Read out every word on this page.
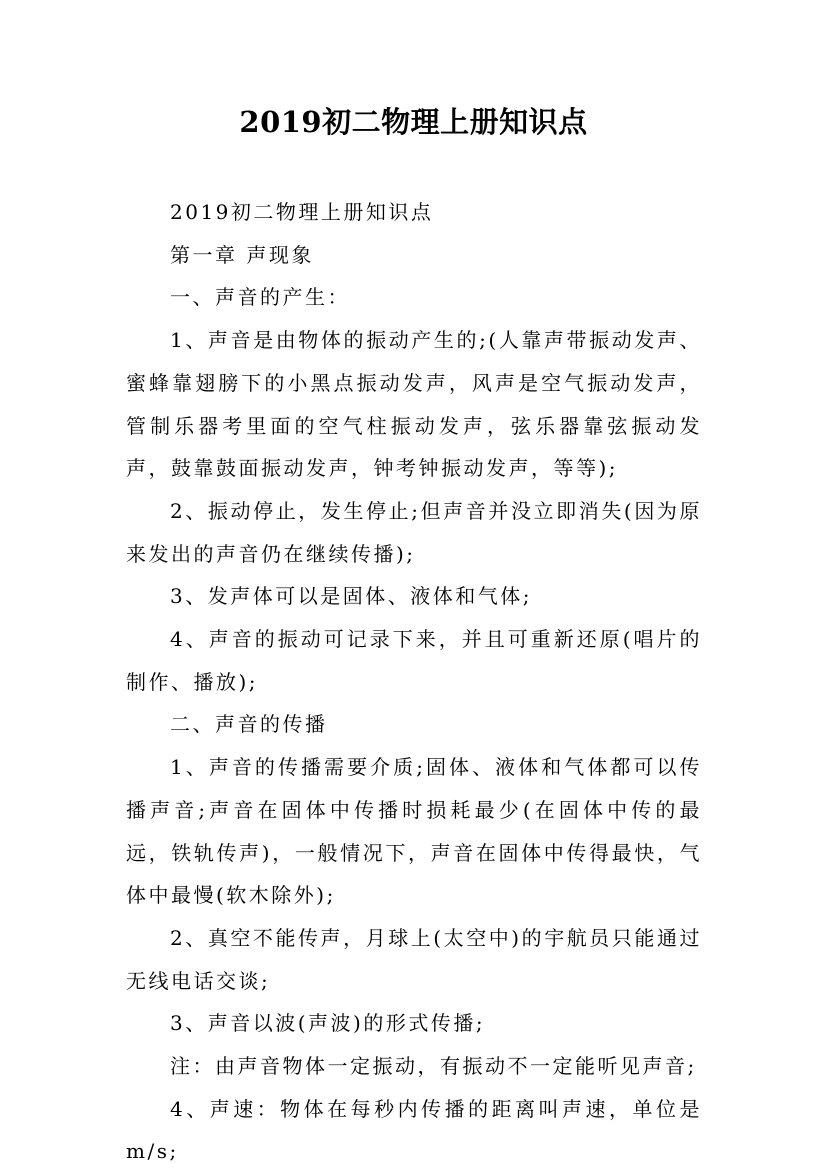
2019初二物理上册知识点

2019初二物理上册知识点

第一章 声现象

一、声音的产生：

1、声音是由物体的振动产生的;(人靠声带振动发声、蜜蜂靠翅膀下的小黑点振动发声，风声是空气振动发声，管制乐器考里面的空气柱振动发声，弦乐器靠弦振动发声，鼓靠鼓面振动发声，钟考钟振动发声，等等);

2、振动停止，发生停止;但声音并没立即消失(因为原来发出的声音仍在继续传播);

3、发声体可以是固体、液体和气体;

4、声音的振动可记录下来，并且可重新还原(唱片的制作、播放);

二、声音的传播

1、声音的传播需要介质;固体、液体和气体都可以传播声音;声音在固体中传播时损耗最少(在固体中传的最远，铁轨传声)，一般情况下，声音在固体中传得最快，气体中最慢(软木除外);

2、真空不能传声，月球上(太空中)的宇航员只能通过无线电话交谈;

3、声音以波(声波)的形式传播;

注：由声音物体一定振动，有振动不一定能听见声音;

4、声速：物体在每秒内传播的距离叫声速，单位是m/s;
